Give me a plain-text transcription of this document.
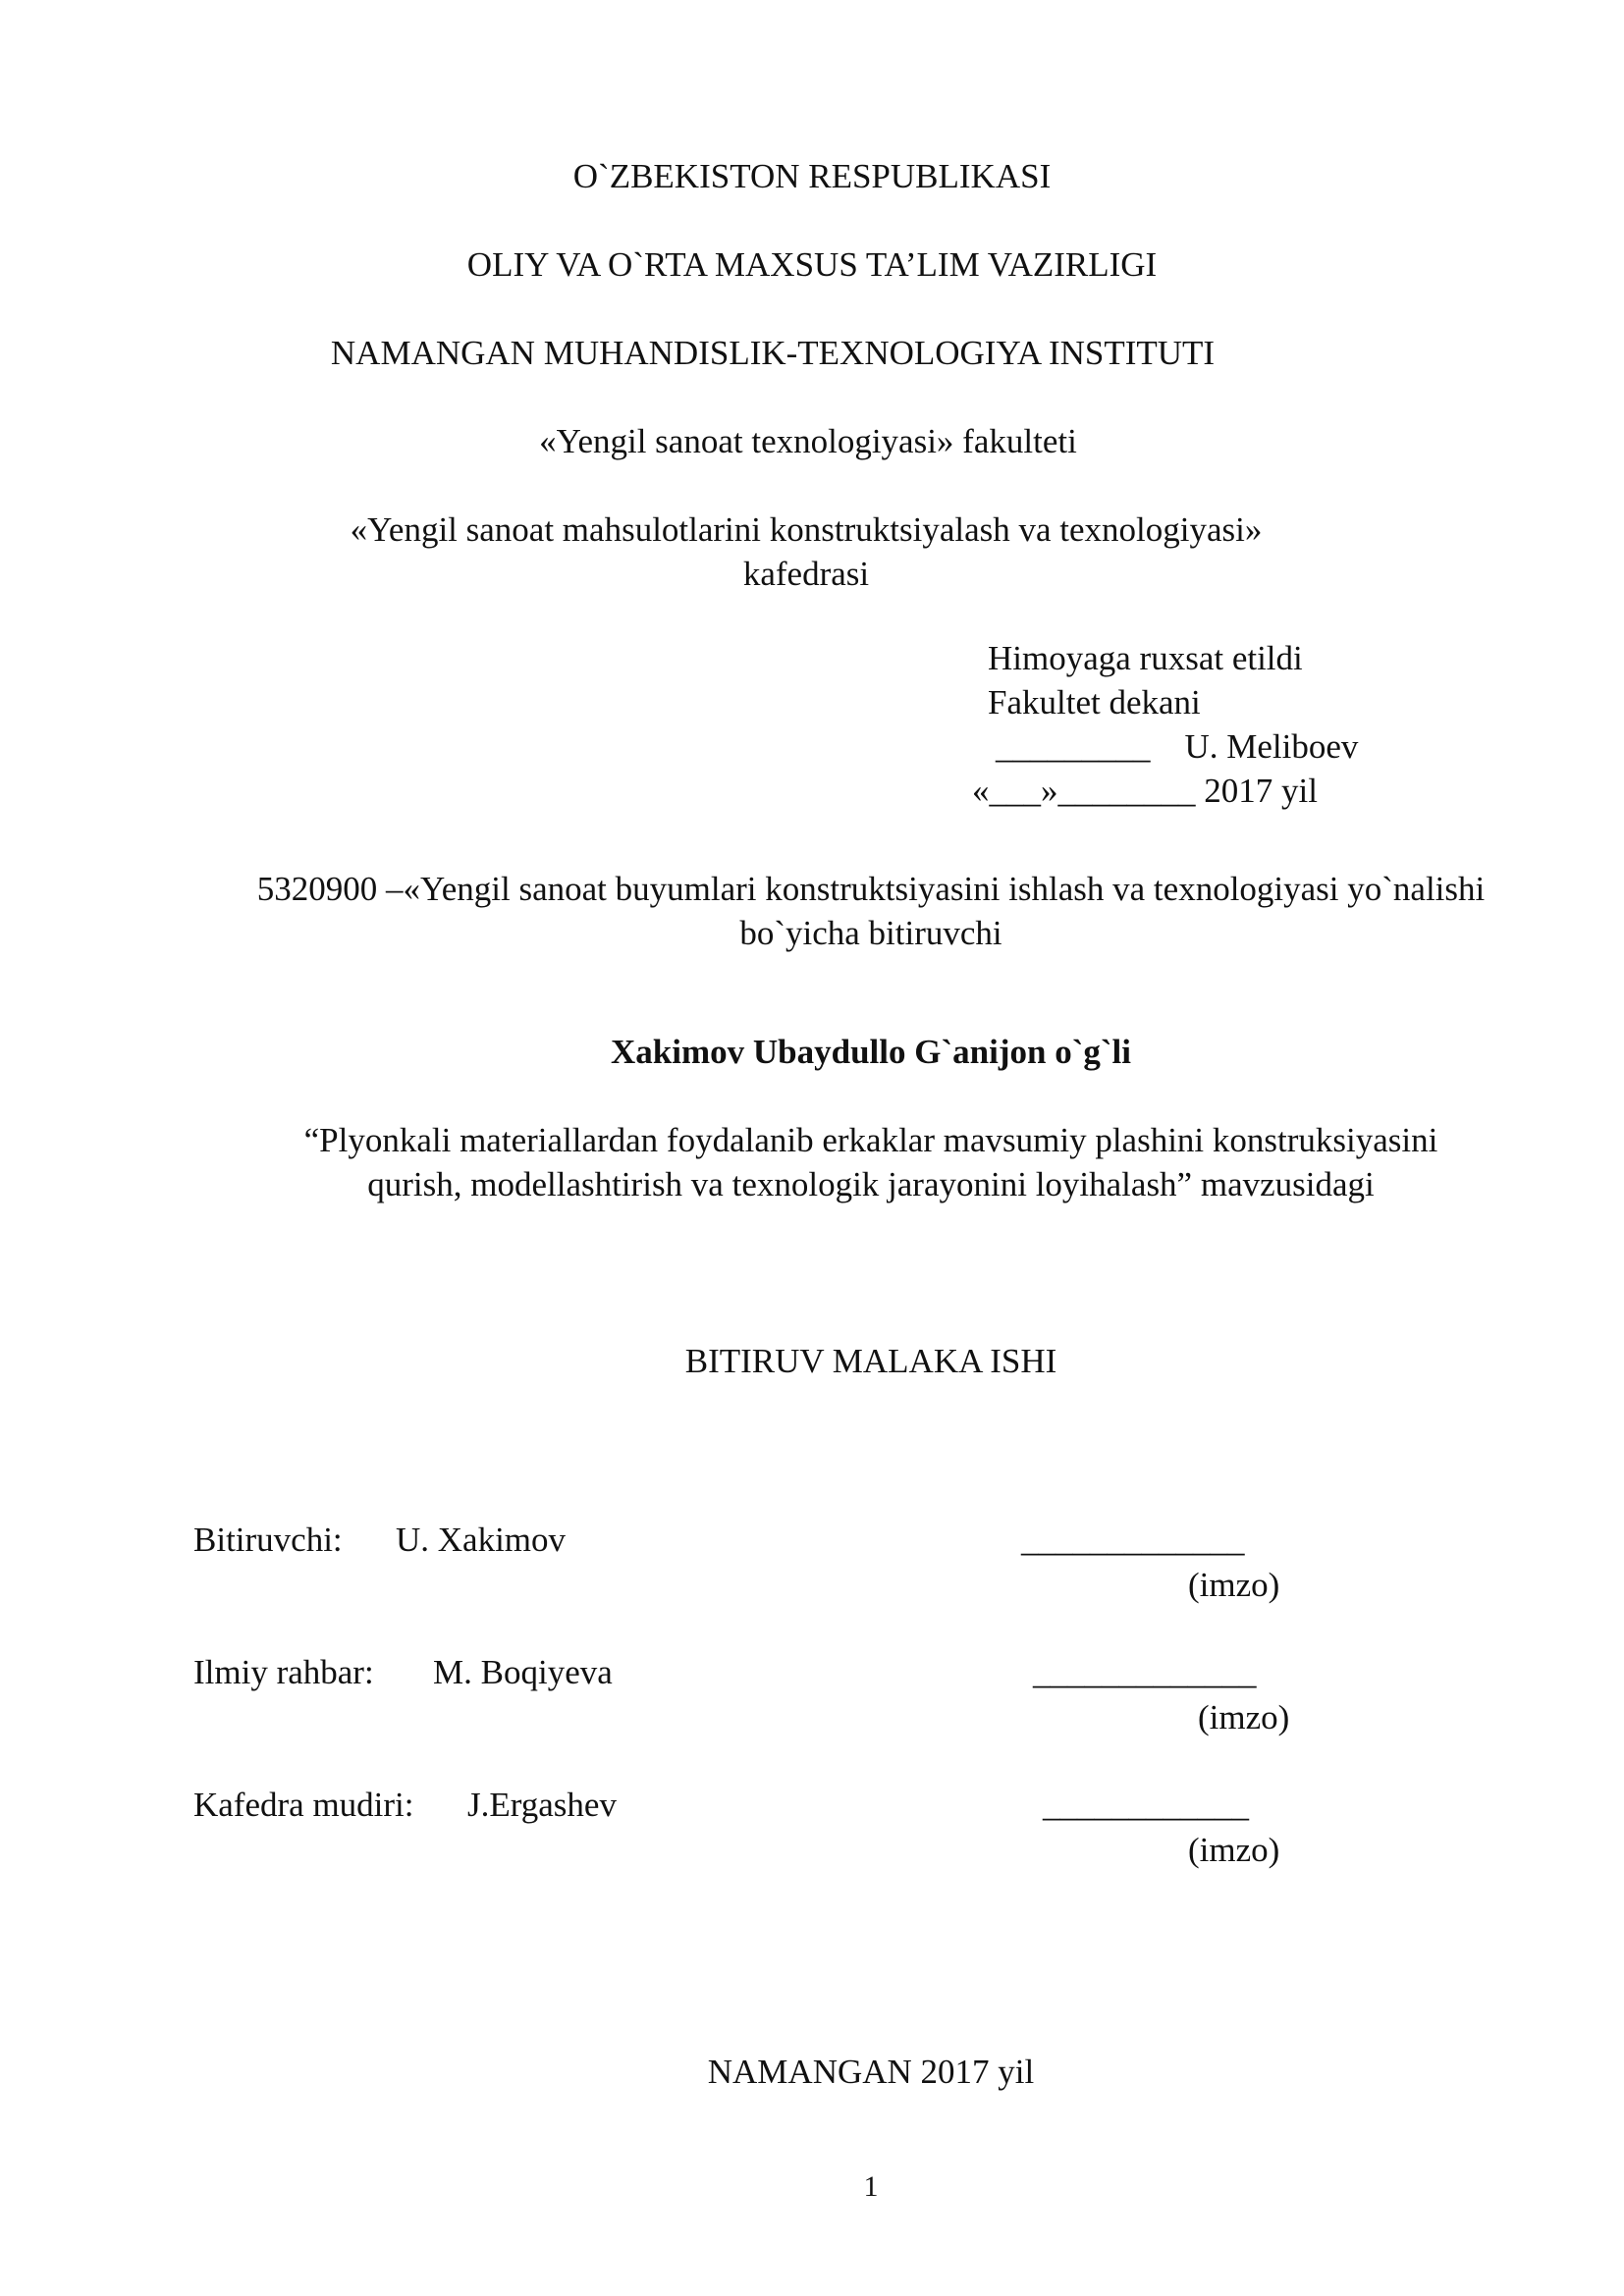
O`ZBEKISTON RESPUBLIKASI
OLIY VA O`RTA MAXSUS TA’LIM VAZIRLIGI
NAMANGAN MUHANDISLIK-TEXNOLOGIYA INSTITUTI
«Yengil sanoat texnologiyasi» fakulteti
«Yengil sanoat mahsulotlarini konstruktsiyalash va texnologiyasi»
kafedrasi
Himoyaga ruxsat etildi
Fakultet dekani
_________ U. Meliboev
«___»________ 2017 yil
5320900 –«Yengil sanoat buyumlari konstruktsiyasini ishlash va texnologiyasi yo`nalishi
bo`yicha bitiruvchi
Xakimov Ubaydullo G`anijon o`g`li
“Plyonkali materiallardan foydalanib erkaklar mavsumiy plashini konstruksiyasini
qurish, modellashtirish va texnologik jarayonini loyihalash” mavzusidagi
BITIRUV MALAKA ISHI
Bitiruvchi: U. Xakimov	_____________
(imzo)
Ilmiy rahbar: M. Boqiyeva	_____________
(imzo)
Kafedra mudiri: J.Ergashev	____________
(imzo)
NAMANGAN 2017 yil
1
